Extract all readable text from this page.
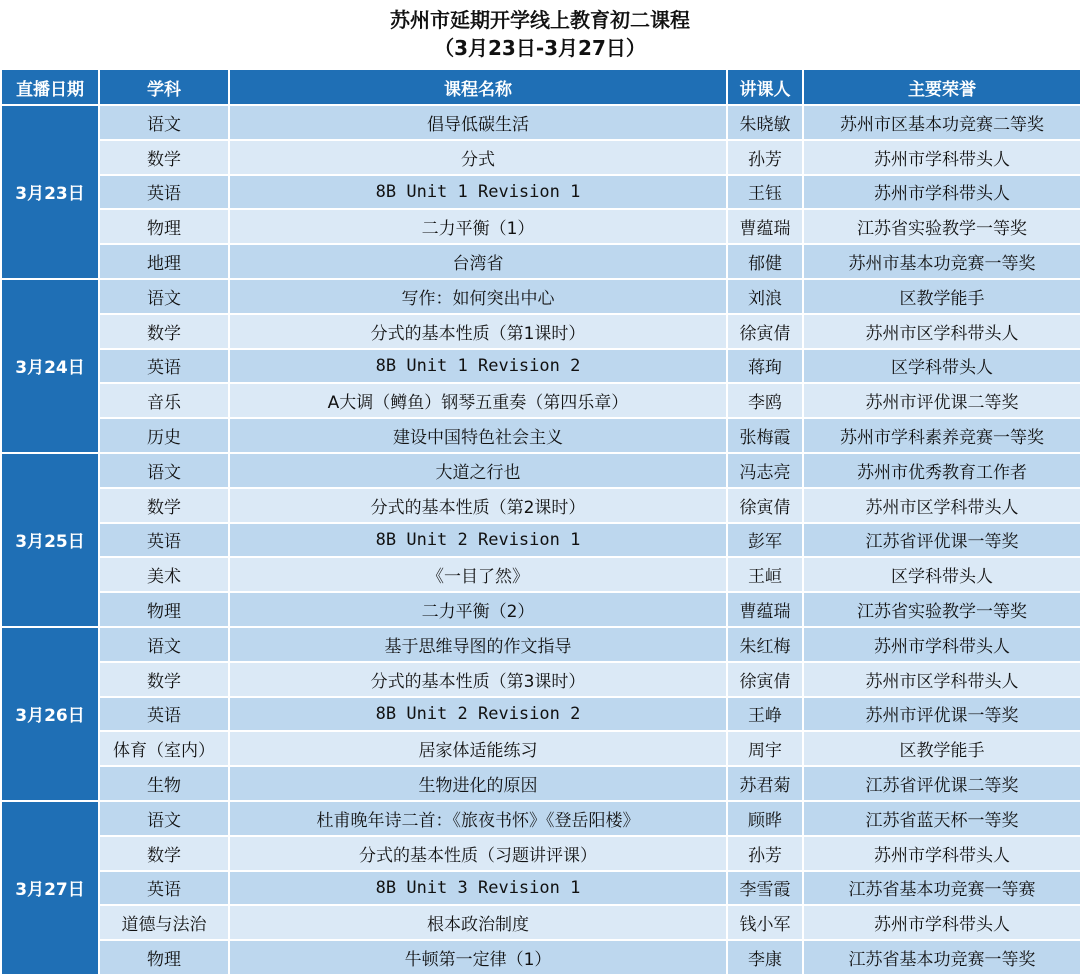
苏州市延期开学线上教育初二课程
（3月23日-3月27日）
直播日期	学科	课程名称	讲课人	主要荣誉
3月23日	语文	倡导低碳生活	朱晓敏	苏州市区基本功竞赛二等奖
	数学	分式	孙芳	苏州市学科带头人
	英语	8B Unit 1 Revision 1	王钰	苏州市学科带头人
	物理	二力平衡（1）	曹蕴瑞	江苏省实验教学一等奖
	地理	台湾省	郁健	苏州市基本功竞赛一等奖
3月24日	语文	写作：如何突出中心	刘浪	区教学能手
	数学	分式的基本性质（第1课时）	徐寅倩	苏州市区学科带头人
	英语	8B Unit 1 Revision 2	蒋珣	区学科带头人
	音乐	A大调（鳟鱼）钢琴五重奏（第四乐章）	李鸥	苏州市评优课二等奖
	历史	建设中国特色社会主义	张梅霞	苏州市学科素养竞赛一等奖
3月25日	语文	大道之行也	冯志亮	苏州市优秀教育工作者
	数学	分式的基本性质（第2课时）	徐寅倩	苏州市区学科带头人
	英语	8B Unit 2 Revision 1	彭军	江苏省评优课一等奖
	美术	《一目了然》	王峘	区学科带头人
	物理	二力平衡（2）	曹蕴瑞	江苏省实验教学一等奖
3月26日	语文	基于思维导图的作文指导	朱红梅	苏州市学科带头人
	数学	分式的基本性质（第3课时）	徐寅倩	苏州市区学科带头人
	英语	8B Unit 2 Revision 2	王峥	苏州市评优课一等奖
	体育（室内）	居家体适能练习	周宇	区教学能手
	生物	生物进化的原因	苏君菊	江苏省评优课二等奖
3月27日	语文	杜甫晚年诗二首：《旅夜书怀》《登岳阳楼》	顾晔	江苏省蓝天杯一等奖
	数学	分式的基本性质（习题讲评课）	孙芳	苏州市学科带头人
	英语	8B Unit 3 Revision 1	李雪霞	江苏省基本功竞赛一等赛
	道德与法治	根本政治制度	钱小军	苏州市学科带头人
	物理	牛顿第一定律（1）	李康	江苏省基本功竞赛一等奖
